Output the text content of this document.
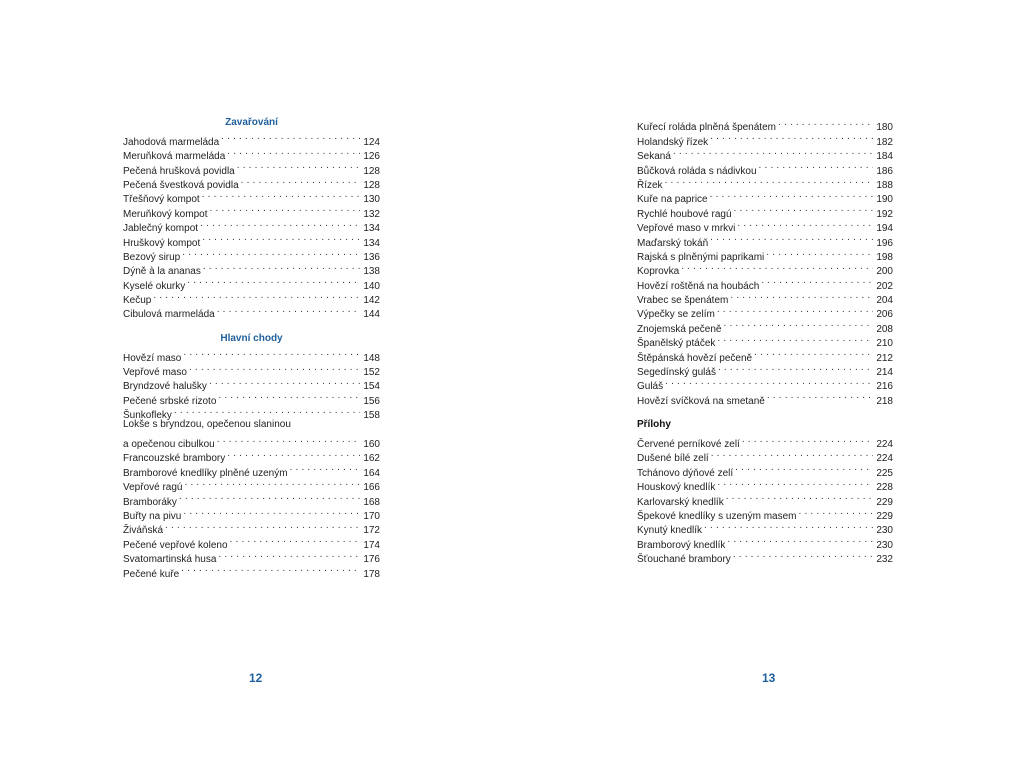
Zavařování
Jahodová marmeláda . . .	124
Meruňková marmeláda . . .	126
Pečená hrušková povidla . . .	128
Pečená švestková povidla . . .	128
Třešňový kompot . . .	130
Meruňkový kompot . . .	132
Jablečný kompot . . .	134
Hruškový kompot . . .	134
Bezový sirup . . .	136
Dýně à la ananas . . .	138
Kyselé okurky . . .	140
Kečup . . .	142
Cibulová marmeláda . . .	144
Hlavní chody
Hovězí maso . . .	148
Vepřové maso . . .	152
Bryndzové halušky . . .	154
Pečené srbské rizoto . . .	156
Šunkofleky . . .	158
Lokše s bryndzou, opečenou slaninou
a opečenou cibulkou . . .	160
Francouzské brambory . . .	162
Bramborové knedlíky plněné uzeným . . .	164
Vepřové ragú . . .	166
Bramboráky . . .	168
Buřty na pivu . . .	170
Živáňská . . .	172
Pečené vepřové koleno . . .	174
Svatomartinská husa . . .	176
Pečené kuře . . .	178
12
Kuřecí roláda plněná špenátem . . .	180
Holandský řízek . . .	182
Sekaná . . .	184
Bůčková roláda s nádivkou . . .	186
Řízek . . .	188
Kuře na paprice . . .	190
Rychlé houbové ragú . . .	192
Vepřové maso v mrkvi . . .	194
Maďarský tokáň . . .	196
Rajská s plněnými paprikami . . .	198
Koprovka . . .	200
Hovězí roštěná na houbách . . .	202
Vrabec se špenátem . . .	204
Výpečky se zelím . . .	206
Znojemská pečeně . . .	208
Španělský ptáček . . .	210
Štěpánská hovězí pečeně . . .	212
Segedínský guláš . . .	214
Guláš . . .	216
Hovězí svíčková na smetaně . . .	218
Přílohy
Červené perníkové zelí . . .	224
Dušené bílé zelí . . .	224
Tchánovo dýňové zelí . . .	225
Houskový knedlík . . .	228
Karlovarský knedlík . . .	229
Špekové knedlíky s uzeným masem . . .	229
Kynutý knedlík . . .	230
Bramborový knedlík . . .	230
Šťouchané brambory . . .	232
13
